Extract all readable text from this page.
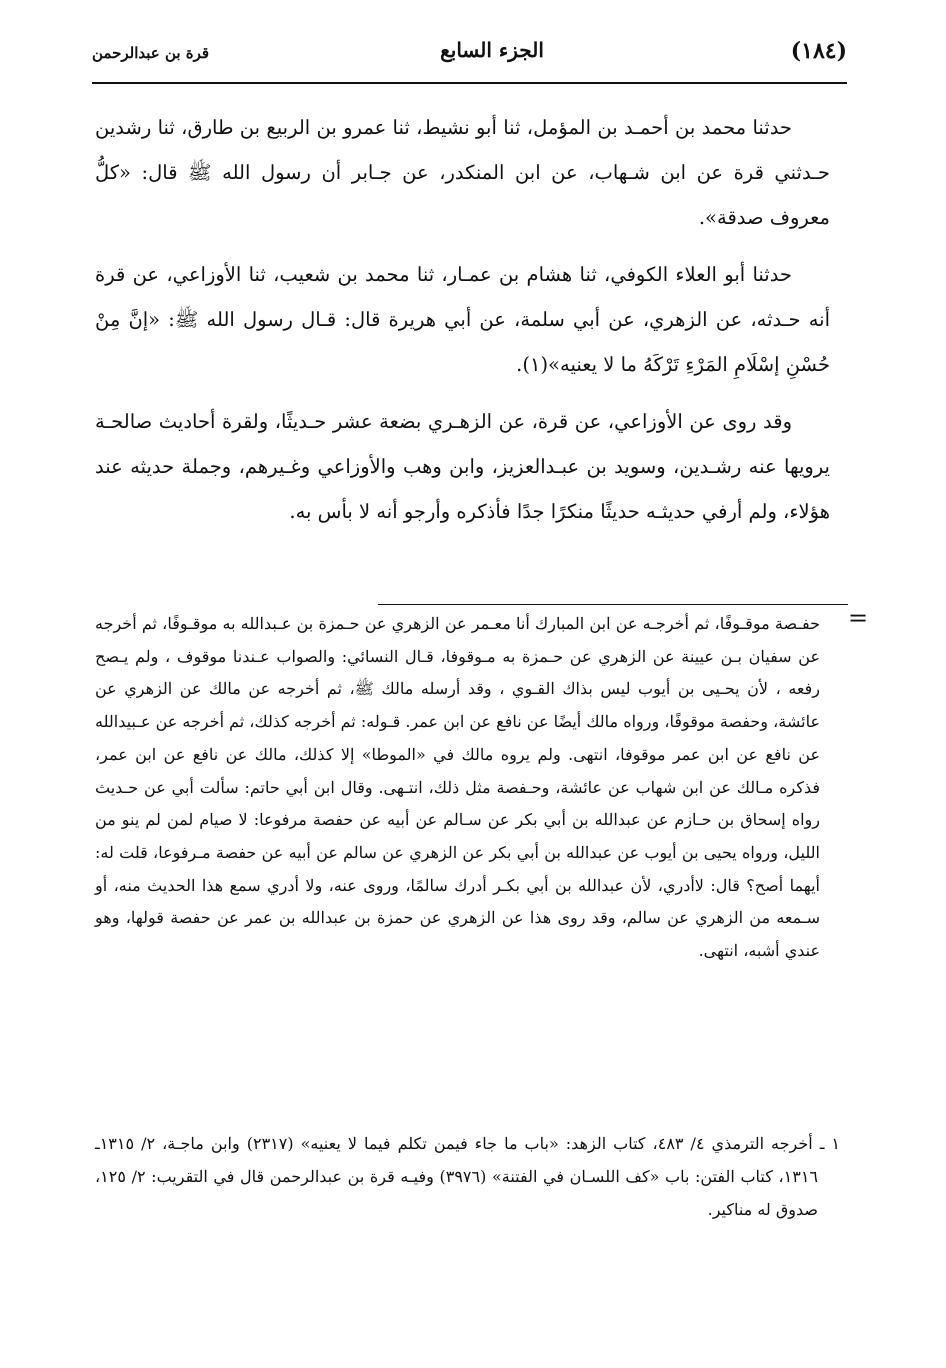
(١٨٤)
الجزء السابع
قرة بن عبدالرحمن

حدثنا محمد بن أحمـد بن المؤمل، ثنا أبو نشيط، ثنا عمرو بن الربيع بن طارق، ثنا رشدين حـدثني قرة عن ابن شـهاب، عن ابن المنكدر، عن جـابر أن رسول الله ﷺ قال: «كلُّ معروف صدقة».

حدثنا أبو العلاء الكوفي، ثنا هشام بن عمـار، ثنا محمد بن شعيب، ثنا الأوزاعي، عن قرة أنه حـدثه، عن الزهري، عن أبي سلمة، عن أبي هريرة قال: قـال رسول الله ﷺ: «إنَّ مِنْ حُسْنِ إسْلَامِ المَرْءِ تَرْكَهُ ما لا يعنيه»(١).

وقد روى عن الأوزاعي، عن قرة، عن الزهـري بضعة عشر حـديثًا، ولقرة أحاديث صالحـة يرويها عنه رشـدين، وسويد بن عبـدالعزيز، وابن وهب والأوزاعي وغـيرهم، وجملة حديثه عند هؤلاء، ولم أرفي حديثـه حديثًا منكرًا جدًا فأذكره وأرجو أنه لا بأس به.

=

حفـصة موقـوفًا، ثم أخرجـه عن ابن المبارك أنا معـمر عن الزهري عن حـمزة بن عـبدالله به موقـوفًا، ثم أخرجه عن سفيان بـن عيينة عن الزهري عن حـمزة به مـوقوفا، قـال النسائي: والصواب عـندنا موقوف ، ولم يـصح رفعه ، لأن يحـيى بن أيوب ليس بذاك القـوي ، وقد أرسله مالك ﷺ، ثم أخرجه عن مالك عن الزهري عن عائشة، وحفصة موقوفًا، ورواه مالك أيضًا عن نافع عن ابن عمر. قـوله: ثم أخرجه كذلك، ثم أخرجه عن عـبيدالله عن نافع عن ابن عمر موقوفا، انتهى. ولم يروه مالك في «الموطا» إلا كذلك، مالك عن نافع عن ابن عمر، فذكره مـالك عن ابن شهاب عن عائشة، وحـفصة مثل ذلك، انتـهى. وقال ابن أبي حاتم: سألت أبي عن حـديث رواه إسحاق بن حـازم عن عبدالله بن أبي بكر عن سـالم عن أبيه عن حفصة مرفوعا: لا صيام لمن لم ينو من الليل، ورواه يحيى بن أيوب عن عبدالله بن أبي بكر عن الزهري عن سالم عن أبيه عن حفصة مـرفوعا، قلت له: أيهما أصح؟ قال: لاأدري، لأن عبدالله بن أبي بكـر أدرك سالمًا، وروى عنه، ولا أدري سمع هذا الحديث منه، أو سـمعه من الزهري عن سالم، وقد روى هذا عن الزهري عن حمزة بن عبدالله بن عمر عن حفصة قولها، وهو عندي أشبه، انتهى.

١ ـ أخرجه الترمذي ٤/ ٤٨٣، كتاب الزهد: «باب ما جاء فيمن تكلم فيما لا يعنيه» (٢٣١٧) وابن ماجـة، ٢/ ١٣١٥ـ ١٣١٦، كتاب الفتن: باب «كف اللسـان في الفتنة» (٣٩٧٦) وفيـه قرة بن عبدالرحمن قال في التقريب: ٢/ ١٢٥، صدوق له مناكير.
